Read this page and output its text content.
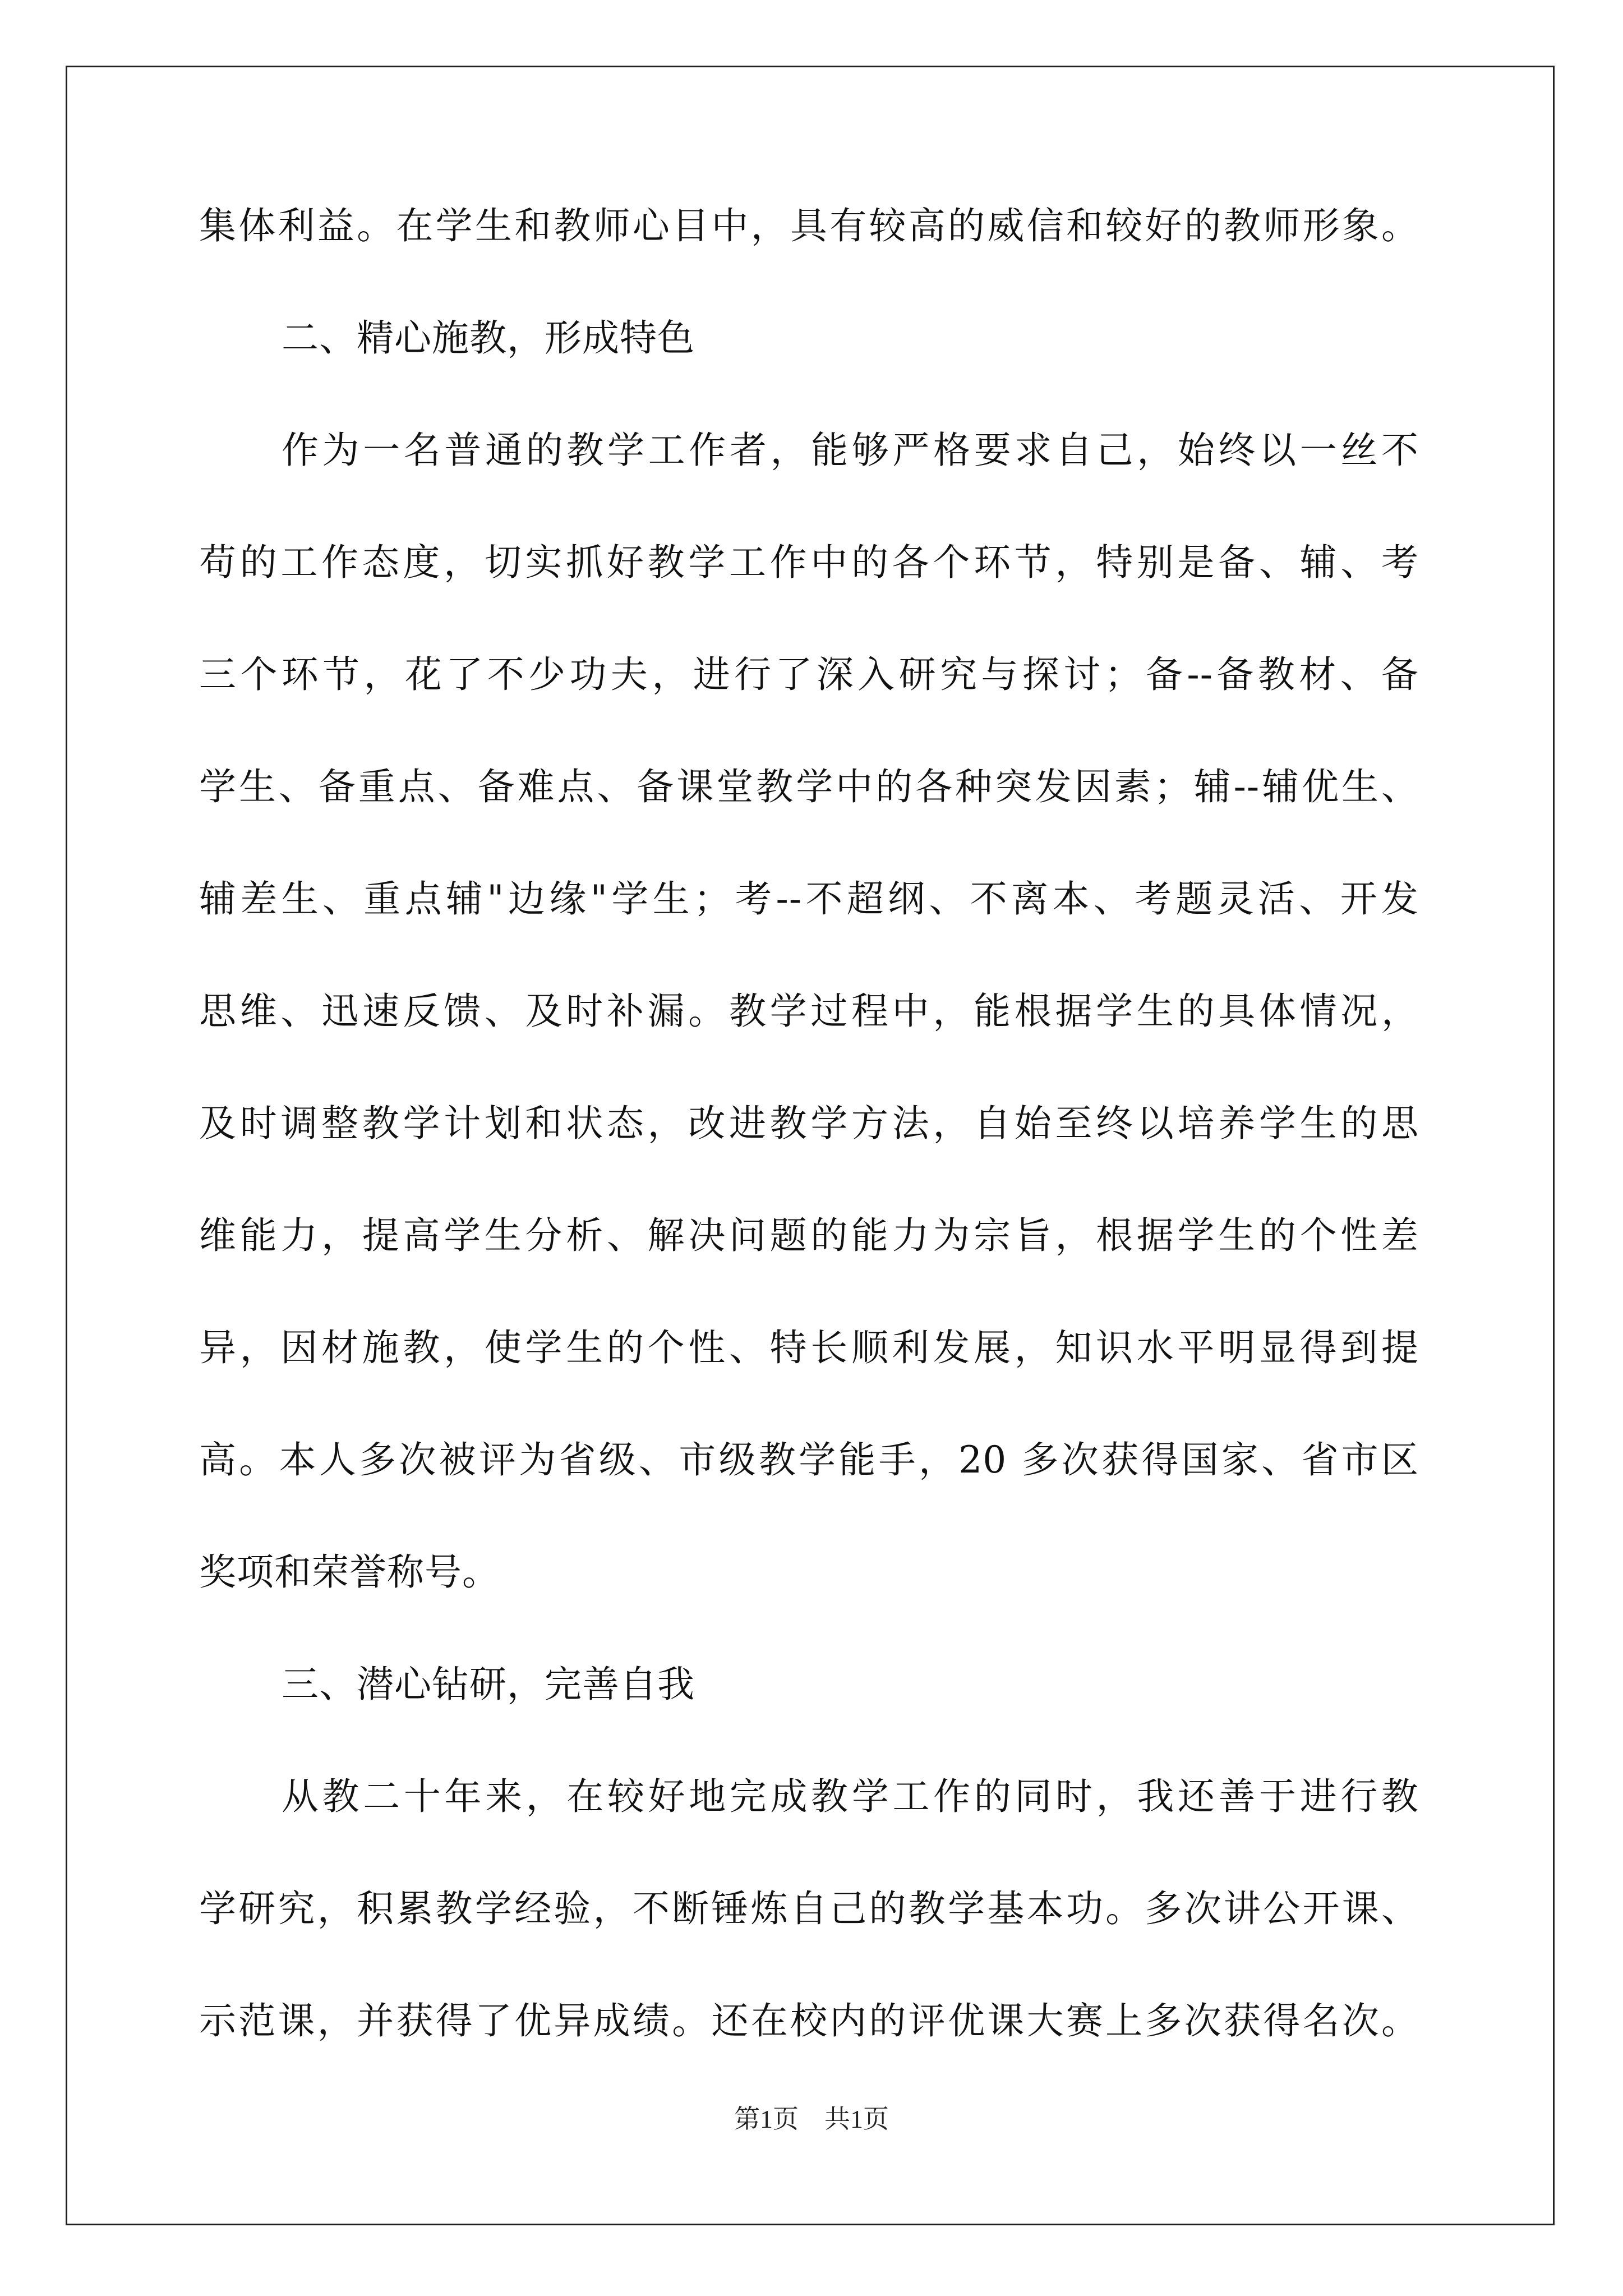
集体利益。在学生和教师心目中，具有较高的威信和较好的教师形象。
二、精心施教，形成特色
作为一名普通的教学工作者，能够严格要求自己，始终以一丝不
苟的工作态度，切实抓好教学工作中的各个环节，特别是备、辅、考
三个环节，花了不少功夫，进行了深入研究与探讨；备--备教材、备
学生、备重点、备难点、备课堂教学中的各种突发因素；辅--辅优生、
辅差生、重点辅"边缘"学生；考--不超纲、不离本、考题灵活、开发
思维、迅速反馈、及时补漏。教学过程中，能根据学生的具体情况，
及时调整教学计划和状态，改进教学方法，自始至终以培养学生的思
维能力，提高学生分析、解决问题的能力为宗旨，根据学生的个性差
异，因材施教，使学生的个性、特长顺利发展，知识水平明显得到提
高。本人多次被评为省级、市级教学能手，20 多次获得国家、省市区
奖项和荣誉称号。
三、潜心钻研，完善自我
从教二十年来，在较好地完成教学工作的同时，我还善于进行教
学研究，积累教学经验，不断锤炼自己的教学基本功。多次讲公开课、
示范课，并获得了优异成绩。还在校内的评优课大赛上多次获得名次。
第1页　共1页
